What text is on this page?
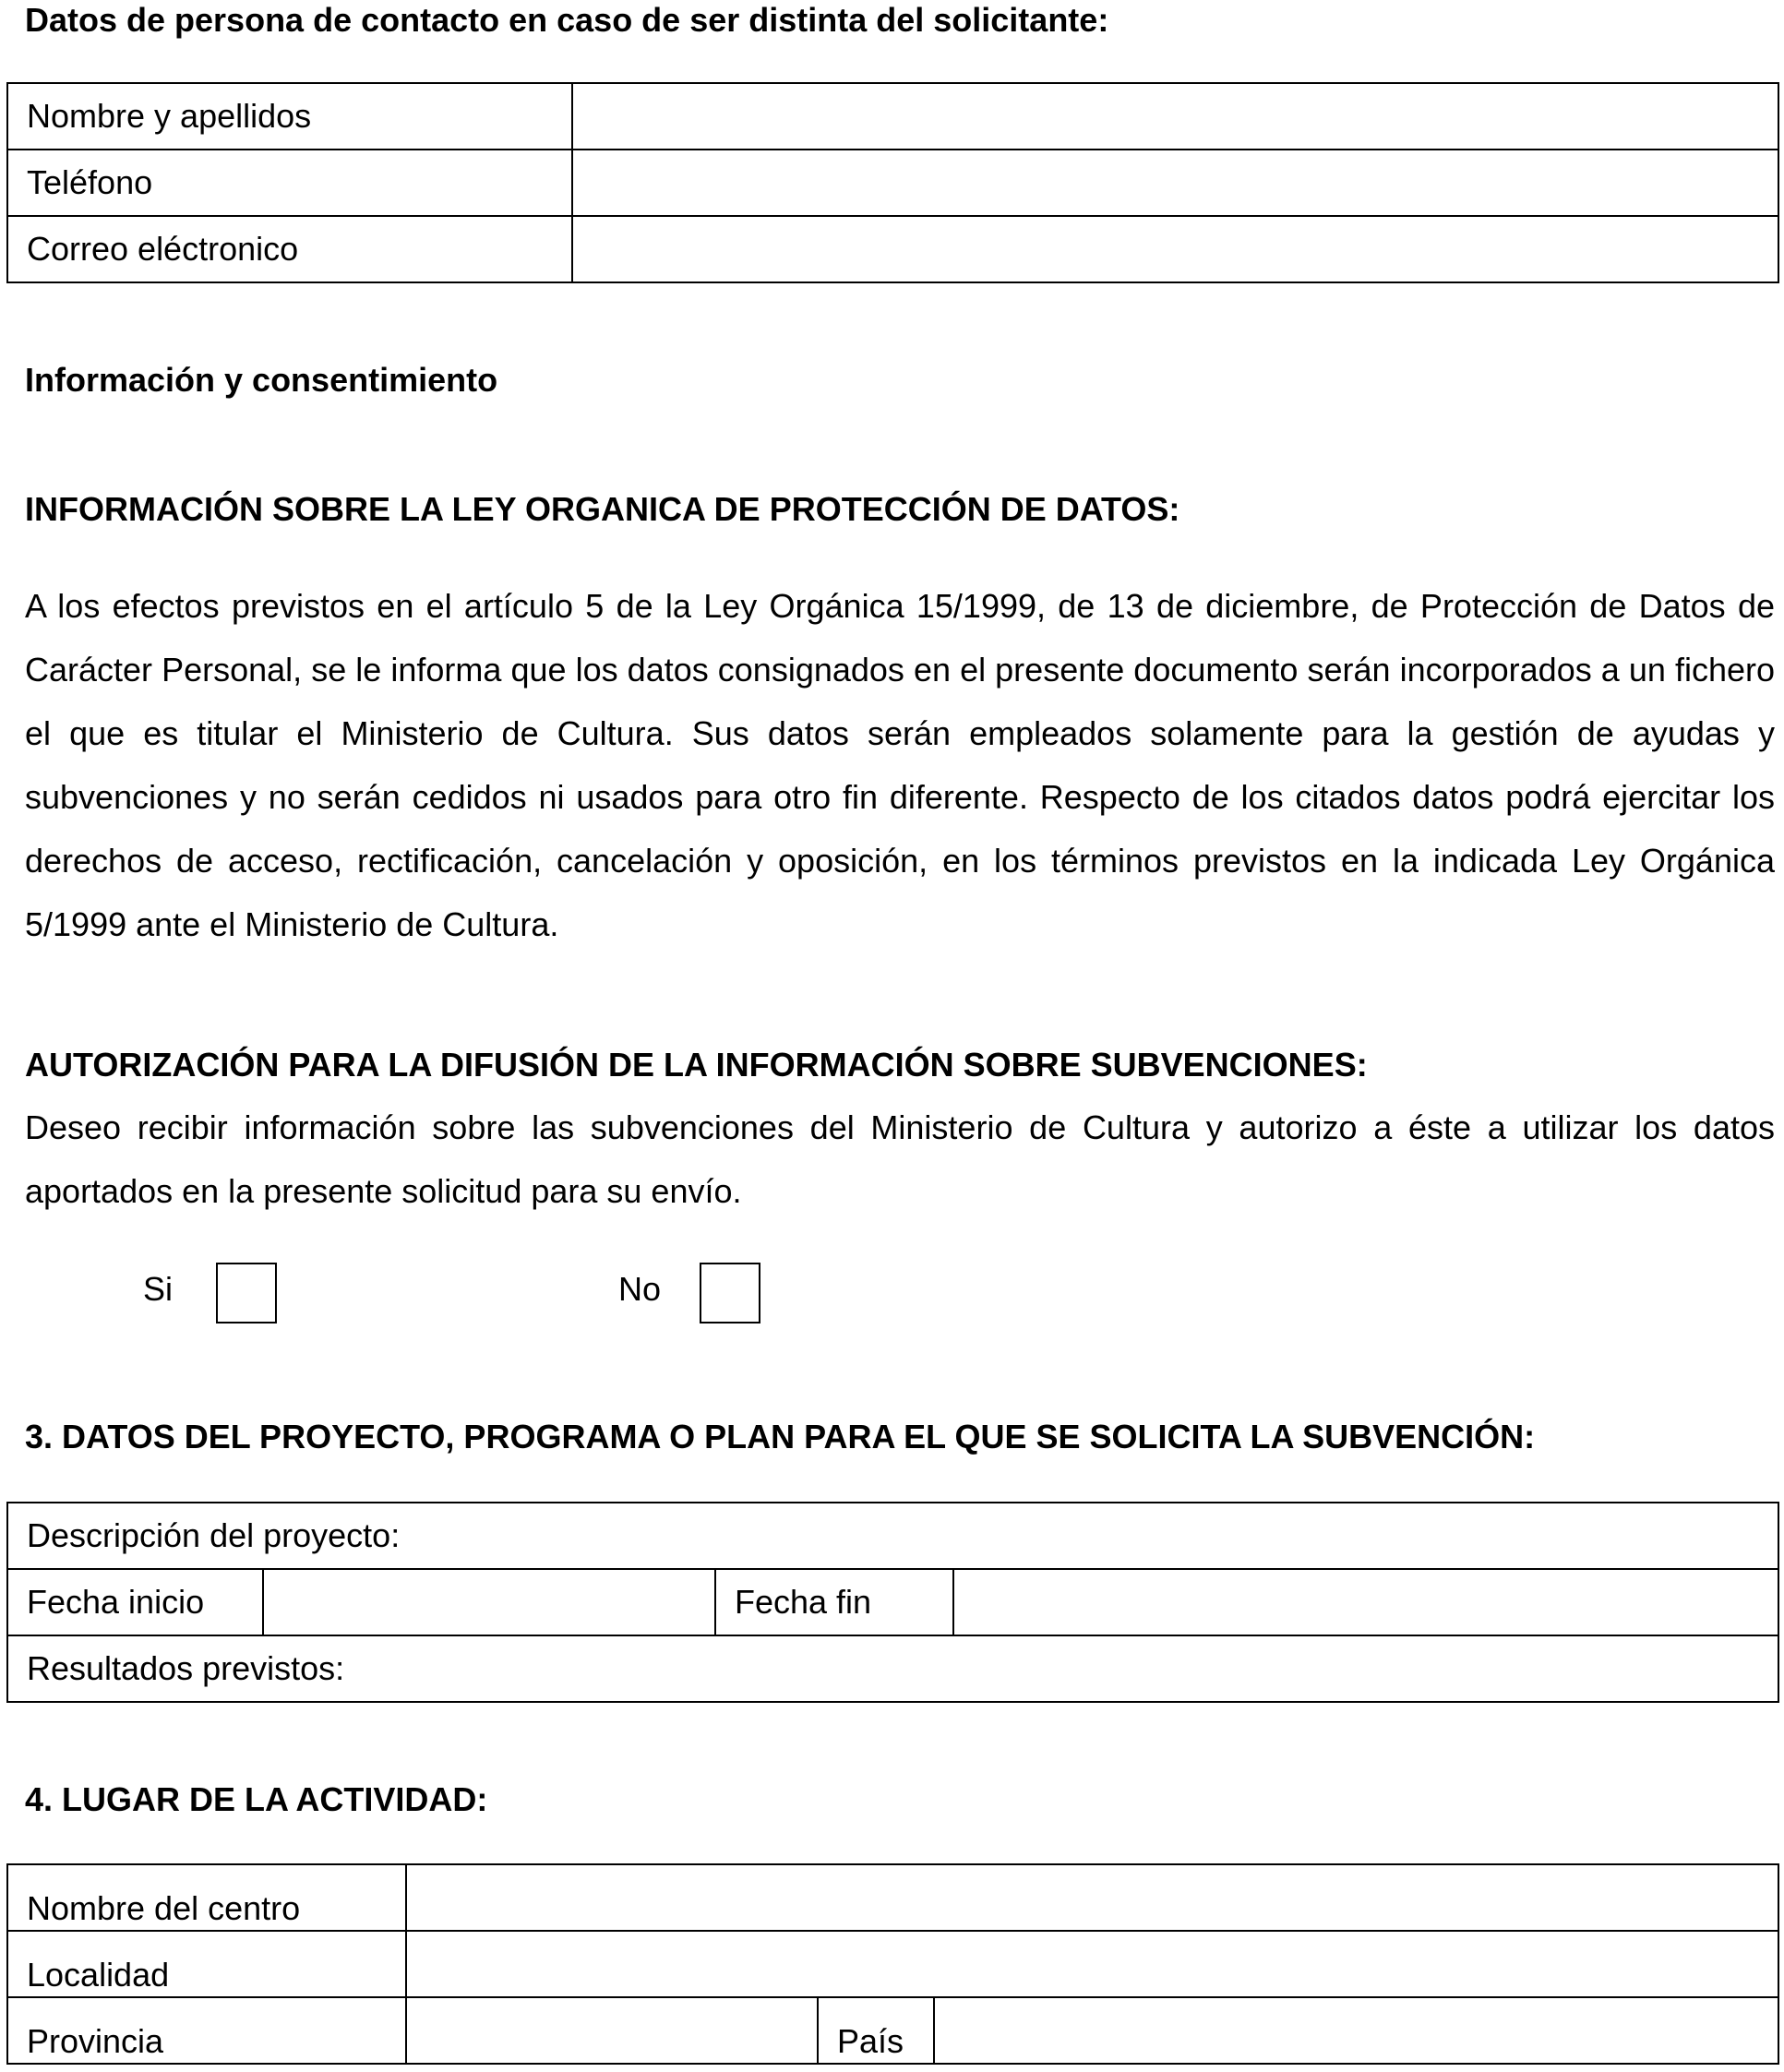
Datos de persona de contacto en caso de ser distinta del solicitante:
Nombre y apellidos	
Teléfono	
Correo eléctronico	
Información y consentimiento
INFORMACIÓN SOBRE LA LEY ORGANICA DE PROTECCIÓN DE DATOS:
A los efectos previstos en el artículo 5 de la Ley Orgánica 15/1999, de 13 de diciembre, de Protección de Datos de Carácter Personal, se le informa que los datos consignados en el presente documento serán incorporados a un fichero el que es titular el Ministerio de Cultura. Sus datos serán empleados solamente para la gestión de ayudas y subvenciones y no serán cedidos ni usados para otro fin diferente. Respecto de los citados datos podrá ejercitar los derechos de acceso, rectificación, cancelación y oposición, en los términos previstos en la indicada Ley Orgánica 5/1999 ante el Ministerio de Cultura.
AUTORIZACIÓN PARA LA DIFUSIÓN DE LA INFORMACIÓN SOBRE SUBVENCIONES:
Deseo recibir información sobre las subvenciones del Ministerio de Cultura y autorizo a éste a utilizar los datos aportados en la presente solicitud para su envío.
Si	No
3. DATOS DEL PROYECTO, PROGRAMA O PLAN PARA EL QUE SE SOLICITA LA SUBVENCIÓN:
Descripción del proyecto:
Fecha inicio		Fecha fin	
Resultados previstos:
4. LUGAR DE LA ACTIVIDAD:
Nombre del centro			
Localidad			
Provincia		País	
